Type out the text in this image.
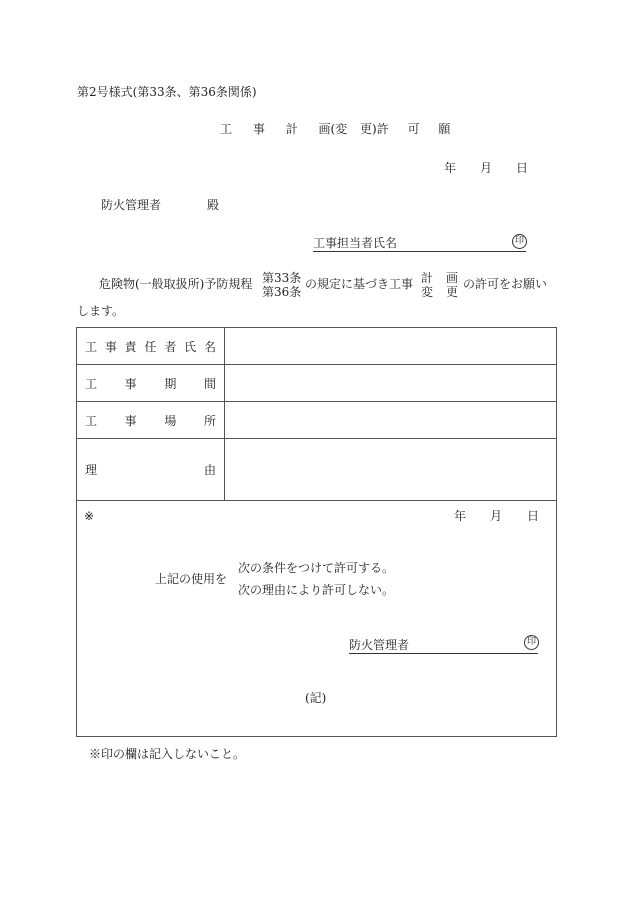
第2号様式(第33条、第36条関係)
工 事 計 画(変 更)許 可 願
年 月 日
防火管理者	殿
工事担当者氏名	印
危険物(一般取扱所)予防規程 第33条
第36条
の規定に基づき工事 計
変
画
更
の許可をお願い
します。
工 事 責 任 者 氏 名

工 事 期 間	

工 事 場 所	

理 由	

※	年 月 日
上記の使用を
次の条件をつけて許可する。
次の理由により許可しない。
防火管理者	印
(記)
※印の欄は記入しないこと。
